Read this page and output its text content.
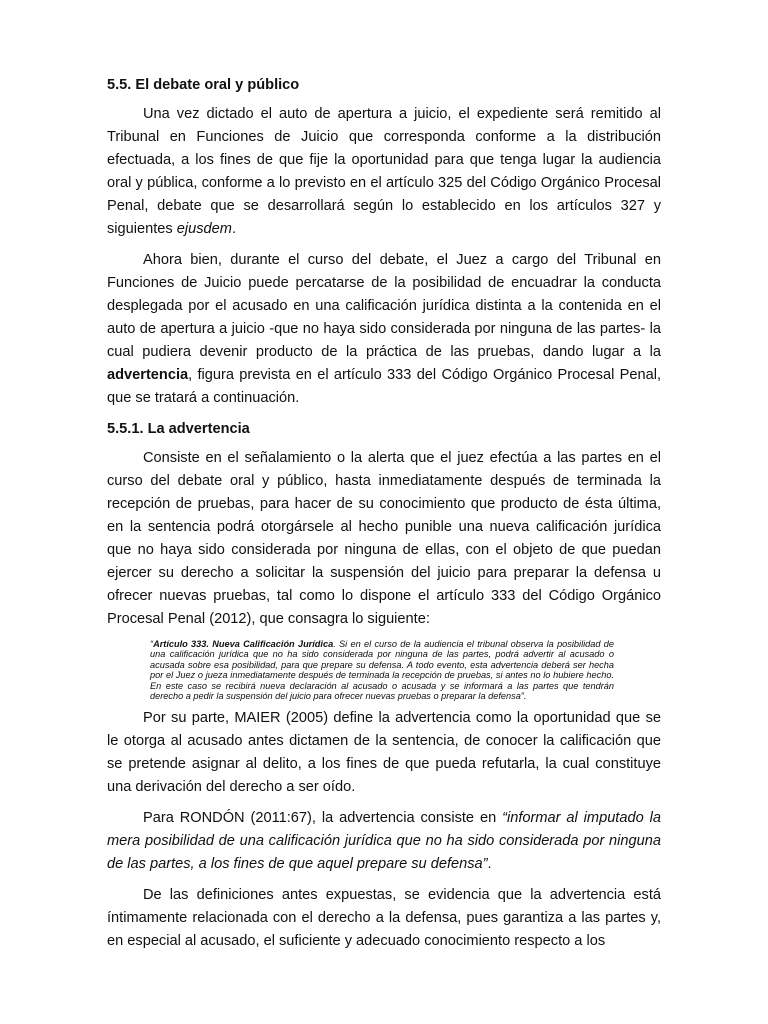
5.5. El debate oral y público

Una vez dictado el auto de apertura a juicio, el expediente será remitido al Tribunal en Funciones de Juicio que corresponda conforme a la distribución efectuada, a los fines de que fije la oportunidad para que tenga lugar la audiencia oral y pública, conforme a lo previsto en el artículo 325 del Código Orgánico Procesal Penal, debate que se desarrollará según lo establecido en los artículos 327 y siguientes ejusdem.

Ahora bien, durante el curso del debate, el Juez a cargo del Tribunal en Funciones de Juicio puede percatarse de la posibilidad de encuadrar la conducta desplegada por el acusado en una calificación jurídica distinta a la contenida en el auto de apertura a juicio -que no haya sido considerada por ninguna de las partes- la cual pudiera devenir producto de la práctica de las pruebas, dando lugar a la advertencia, figura prevista en el artículo 333 del Código Orgánico Procesal Penal, que se tratará a continuación.

5.5.1. La advertencia

Consiste en el señalamiento o la alerta que el juez efectúa a las partes en el curso del debate oral y público, hasta inmediatamente después de terminada la recepción de pruebas, para hacer de su conocimiento que producto de ésta última, en la sentencia podrá otorgársele al hecho punible una nueva calificación jurídica que no haya sido considerada por ninguna de ellas, con el objeto de que puedan ejercer su derecho a solicitar la suspensión del juicio para preparar la defensa u ofrecer nuevas pruebas, tal como lo dispone el artículo 333 del Código Orgánico Procesal Penal (2012), que consagra lo siguiente:

“Artículo 333. Nueva Calificación Jurídica. Si en el curso de la audiencia el tribunal observa la posibilidad de una calificación jurídica que no ha sido considerada por ninguna de las partes, podrá advertir al acusado o acusada sobre esa posibilidad, para que prepare su defensa. A todo evento, esta advertencia deberá ser hecha por el Juez o jueza inmediatamente después de terminada la recepción de pruebas, si antes no lo hubiere hecho. En este caso se recibirá nueva declaración al acusado o acusada y se informará a las partes que tendrán derecho a pedir la suspensión del juicio para ofrecer nuevas pruebas o preparar la defensa”.

Por su parte, MAIER (2005) define la advertencia como la oportunidad que se le otorga al acusado antes dictamen de la sentencia, de conocer la calificación que se pretende asignar al delito, a los fines de que pueda refutarla, la cual constituye una derivación del derecho a ser oído.

Para RONDÓN (2011:67), la advertencia consiste en “informar al imputado la mera posibilidad de una calificación jurídica que no ha sido considerada por ninguna de las partes, a los fines de que aquel prepare su defensa”.

De las definiciones antes expuestas, se evidencia que la advertencia está íntimamente relacionada con el derecho a la defensa, pues garantiza a las partes y, en especial al acusado, el suficiente y adecuado conocimiento respecto a los
